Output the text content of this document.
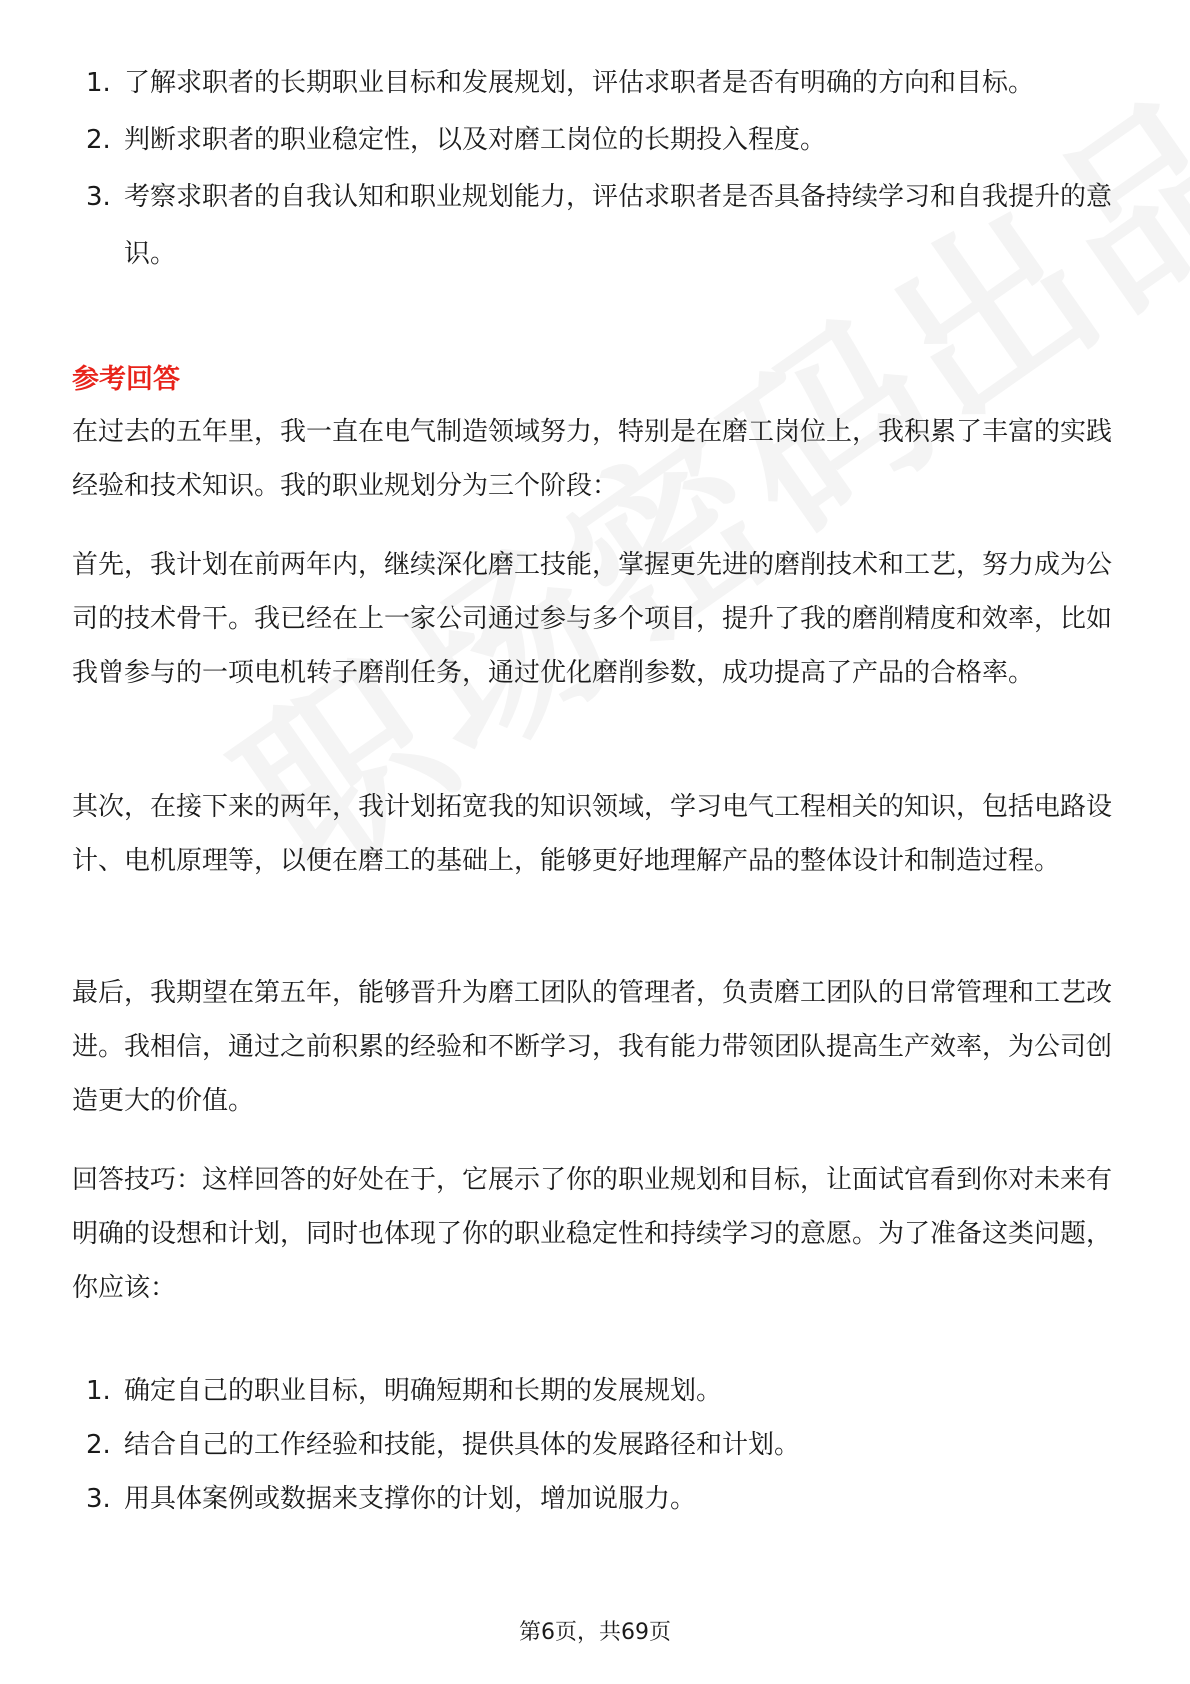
1. 了解求职者的长期职业目标和发展规划，评估求职者是否有明确的方向和目标。
2. 判断求职者的职业稳定性，以及对磨工岗位的长期投入程度。
3. 考察求职者的自我认知和职业规划能力，评估求职者是否具备持续学习和自我提升的意识。
参考回答

在过去的五年里，我一直在电气制造领域努力，特别是在磨工岗位上，我积累了丰富的实践经验和技术知识。我的职业规划分为三个阶段：

首先，我计划在前两年内，继续深化磨工技能，掌握更先进的磨削技术和工艺，努力成为公司的技术骨干。我已经在上一家公司通过参与多个项目，提升了我的磨削精度和效率，比如我曾参与的一项电机转子磨削任务，通过优化磨削参数，成功提高了产品的合格率。

其次，在接下来的两年，我计划拓宽我的知识领域，学习电气工程相关的知识，包括电路设计、电机原理等，以便在磨工的基础上，能够更好地理解产品的整体设计和制造过程。

最后，我期望在第五年，能够晋升为磨工团队的管理者，负责磨工团队的日常管理和工艺改进。我相信，通过之前积累的经验和不断学习，我有能力带领团队提高生产效率，为公司创造更大的价值。

回答技巧：这样回答的好处在于，它展示了你的职业规划和目标，让面试官看到你对未来有明确的设想和计划，同时也体现了你的职业稳定性和持续学习的意愿。为了准备这类问题，你应该：

1. 确定自己的职业目标，明确短期和长期的发展规划。
2. 结合自己的工作经验和技能，提供具体的发展路径和计划。
3. 用具体案例或数据来支撑你的计划，增加说服力。
第6页，共69页
